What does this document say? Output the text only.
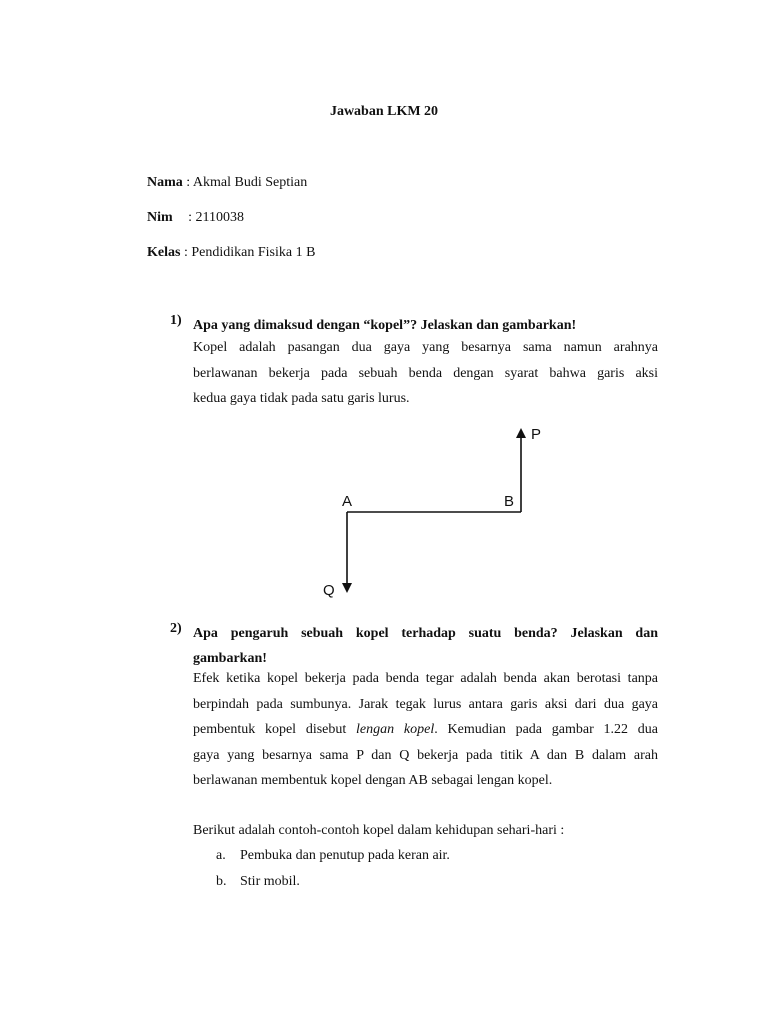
Jawaban LKM 20
Nama : Akmal Budi Septian
Nim : 2110038
Kelas : Pendidikan Fisika 1 B
1) Apa yang dimaksud dengan “kopel”? Jelaskan dan gambarkan!
Kopel adalah pasangan dua gaya yang besarnya sama namun arahnya
berlawanan bekerja pada sebuah benda dengan syarat bahwa garis aksi
kedua gaya tidak pada satu garis lurus.
A	B
P
Q
2) Apa pengaruh sebuah kopel terhadap suatu benda? Jelaskan dan
gambarkan!
Efek ketika kopel bekerja pada benda tegar adalah benda akan berotasi tanpa
berpindah pada sumbunya. Jarak tegak lurus antara garis aksi dari dua gaya
pembentuk kopel disebut lengan kopel. Kemudian pada gambar 1.22 dua
gaya yang besarnya sama P dan Q bekerja pada titik A dan B dalam arah
berlawanan membentuk kopel dengan AB sebagai lengan kopel.
Berikut adalah contoh-contoh kopel dalam kehidupan sehari-hari :
a. Pembuka dan penutup pada keran air.
b. Stir mobil.
